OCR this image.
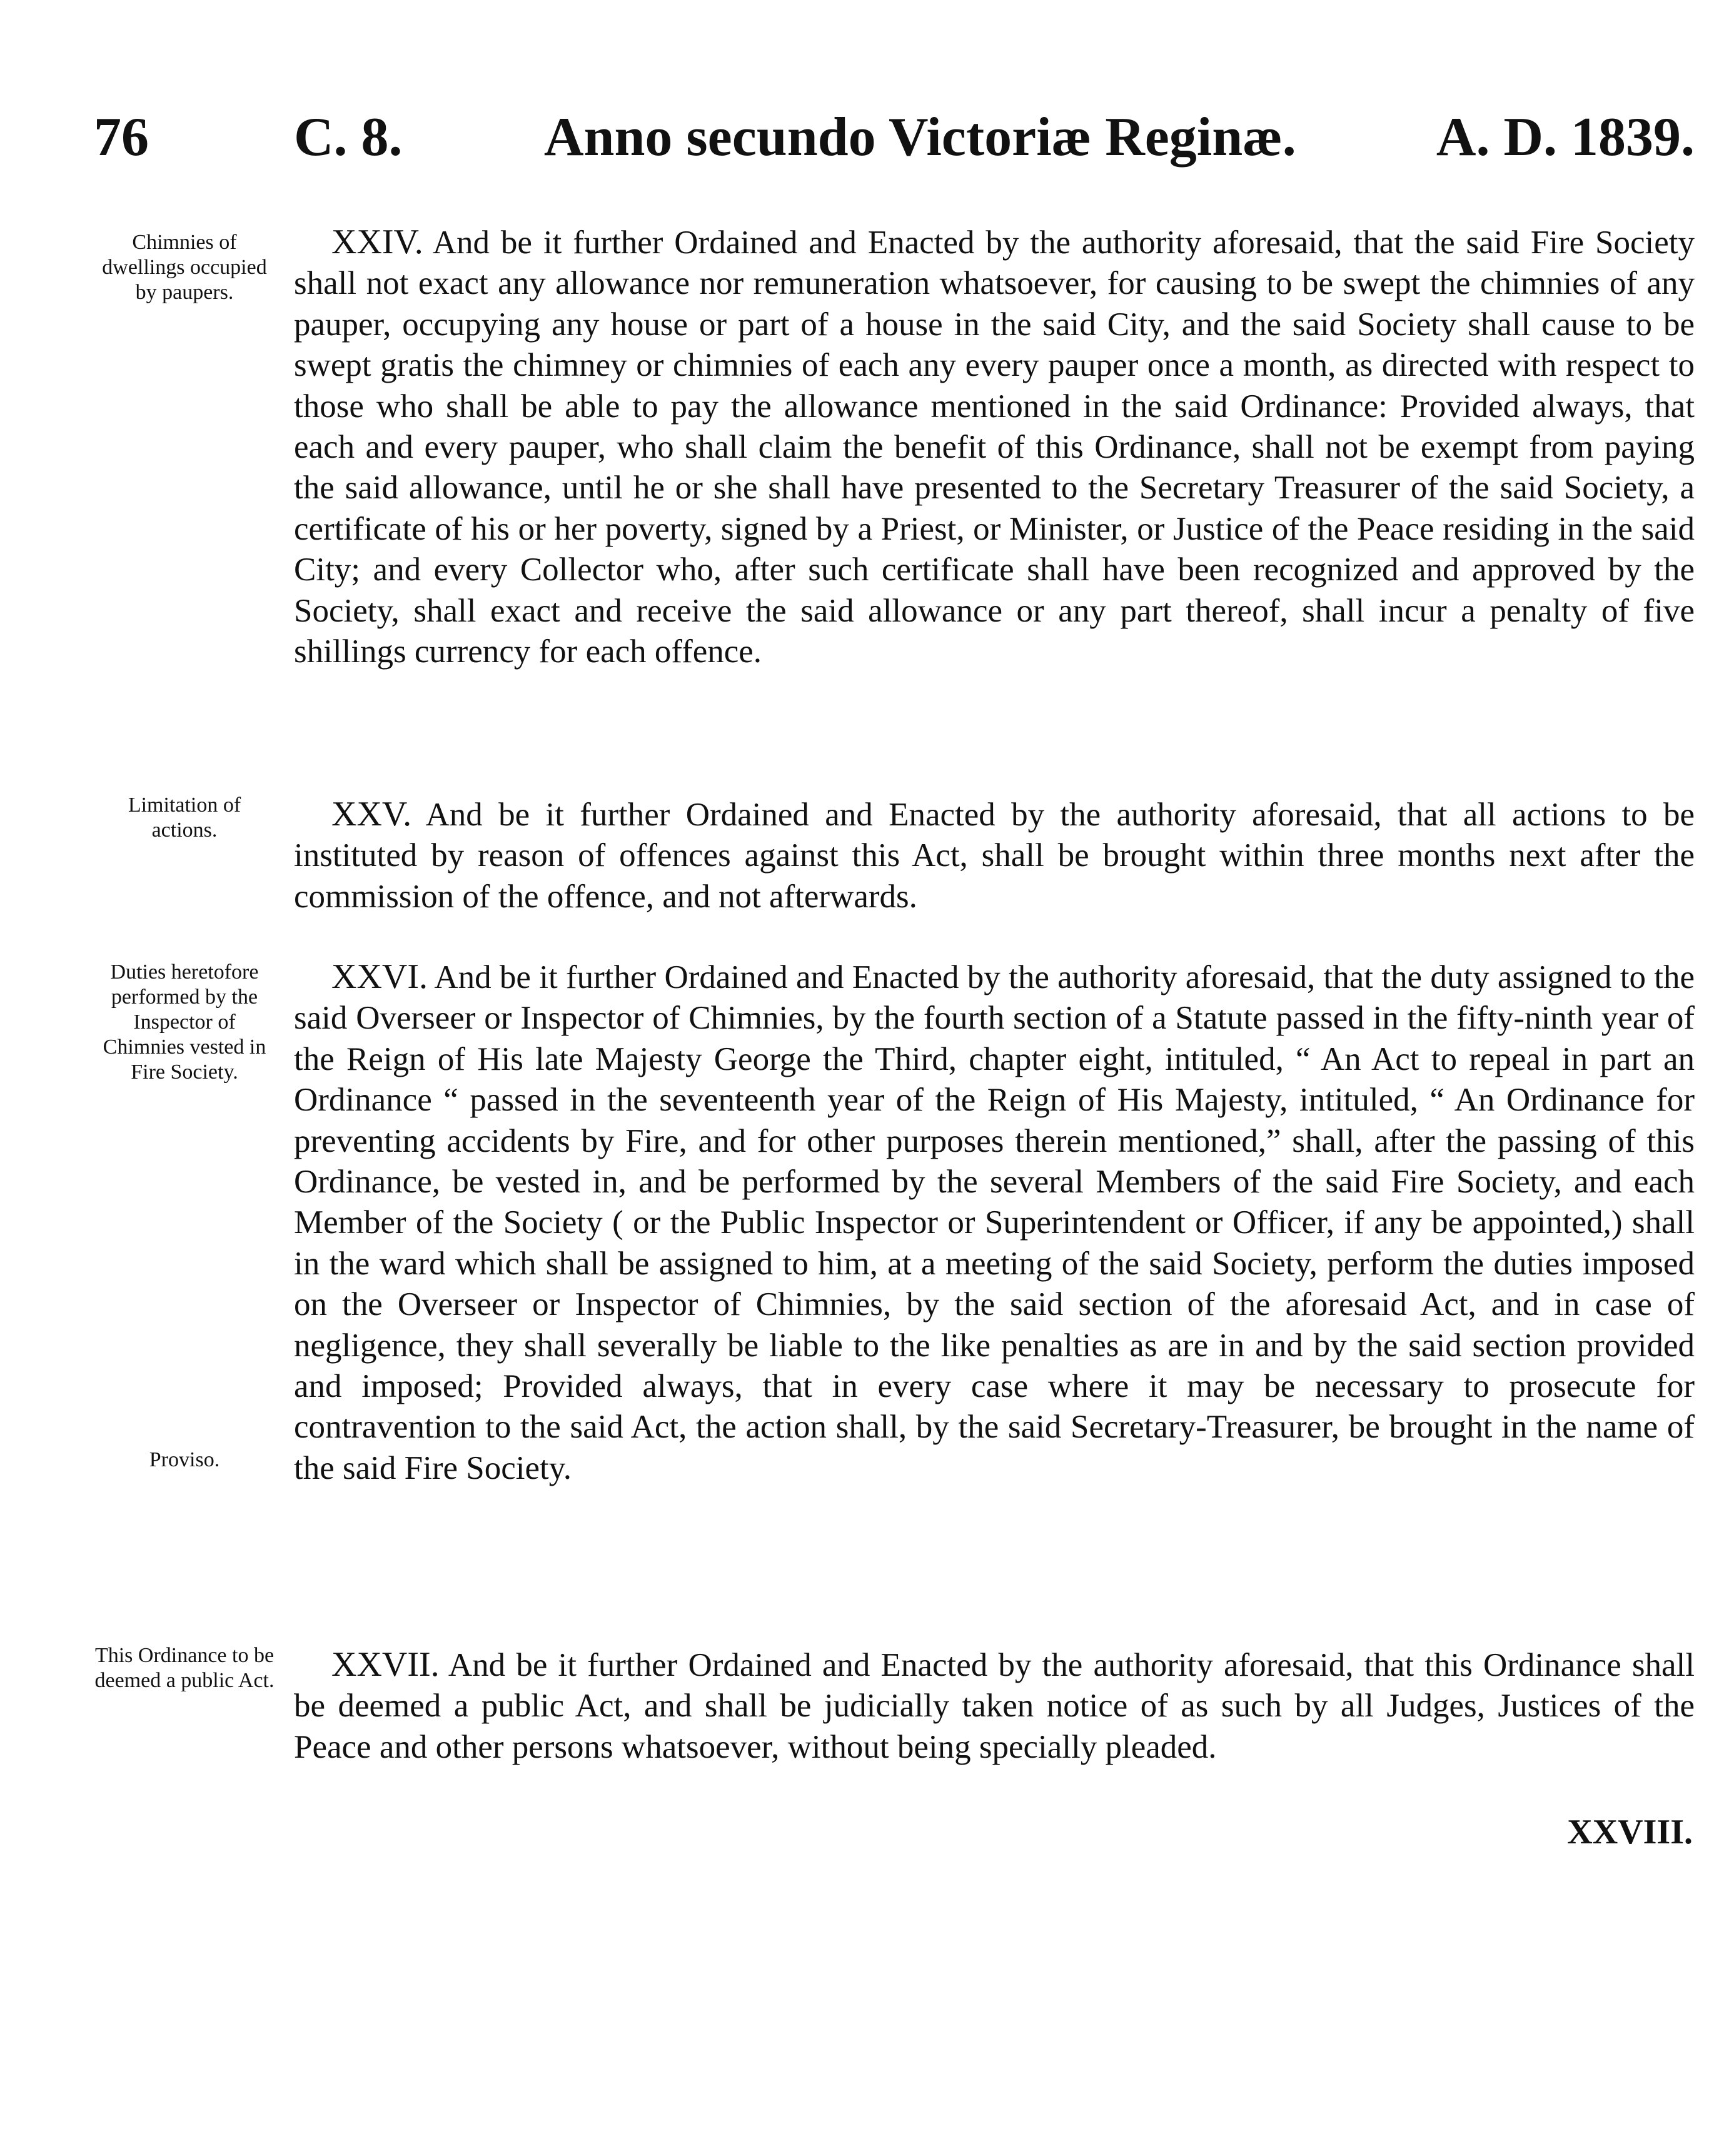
76	C. 8.	Anno secundo Victoriæ Reginæ.	A. D. 1839.
Chimnies of dwellings occupied by paupers.

XXIV. And be it further Ordained and Enacted by the authority aforesaid, that the said Fire Society shall not exact any allowance nor remuneration whatsoever, for causing to be swept the chimnies of any pauper, occupying any house or part of a house in the said City, and the said Society shall cause to be swept gratis the chimney or chimnies of each any every pauper once a month, as directed with respect to those who shall be able to pay the allowance mentioned in the said Ordinance: Provided always, that each and every pauper, who shall claim the benefit of this Ordinance, shall not be exempt from paying the said allowance, until he or she shall have presented to the Secretary Treasurer of the said Society, a certificate of his or her poverty, signed by a Priest, or Minister, or Justice of the Peace residing in the said City; and every Collector who, after such certificate shall have been recognized and approved by the Society, shall exact and receive the said allowance or any part thereof, shall incur a penalty of five shillings currency for each offence.

Limitation of actions.	XXV. And be it further Ordained and Enacted by the authority aforesaid, that all actions to be instituted by reason of offences against this Act, shall be brought within three months next after the commission of the offence, and not afterwards.

Duties heretofore performed by the Inspector of Chimnies vested in Fire Society.
Proviso.

XXVI. And be it further Ordained and Enacted by the authority aforesaid, that the duty assigned to the said Overseer or Inspector of Chimnies, by the fourth section of a Statute passed in the fifty-ninth year of the Reign of His late Majesty George the Third, chapter eight, intituled, “ An Act to repeal in part an Ordinance “ passed in the seventeenth year of the Reign of His Majesty, intituled, “ An Ordinance for preventing accidents by Fire, and for other purposes therein mentioned,” shall, after the passing of this Ordinance, be vested in, and be performed by the several Members of the said Fire Society, and each Member of the Society ( or the Public Inspector or Superintendent or Officer, if any be appointed,) shall in the ward which shall be assigned to him, at a meeting of the said Society, perform the duties imposed on the Overseer or Inspector of Chimnies, by the said section of the aforesaid Act, and in case of negligence, they shall severally be liable to the like penalties as are in and by the said section provided and imposed; Provided always, that in every case where it may be necessary to prosecute for contravention to the said Act, the action shall, by the said Secretary-Treasurer, be brought in the name of the said Fire Society.

This Ordinance to be deemed a public Act.	XXVII. And be it further Ordained and Enacted by the authority aforesaid, that this Ordinance shall be deemed a public Act, and shall be judicially taken notice of as such by all Judges, Justices of the Peace and other persons whatsoever, without being specially pleaded.

XXVIII.
